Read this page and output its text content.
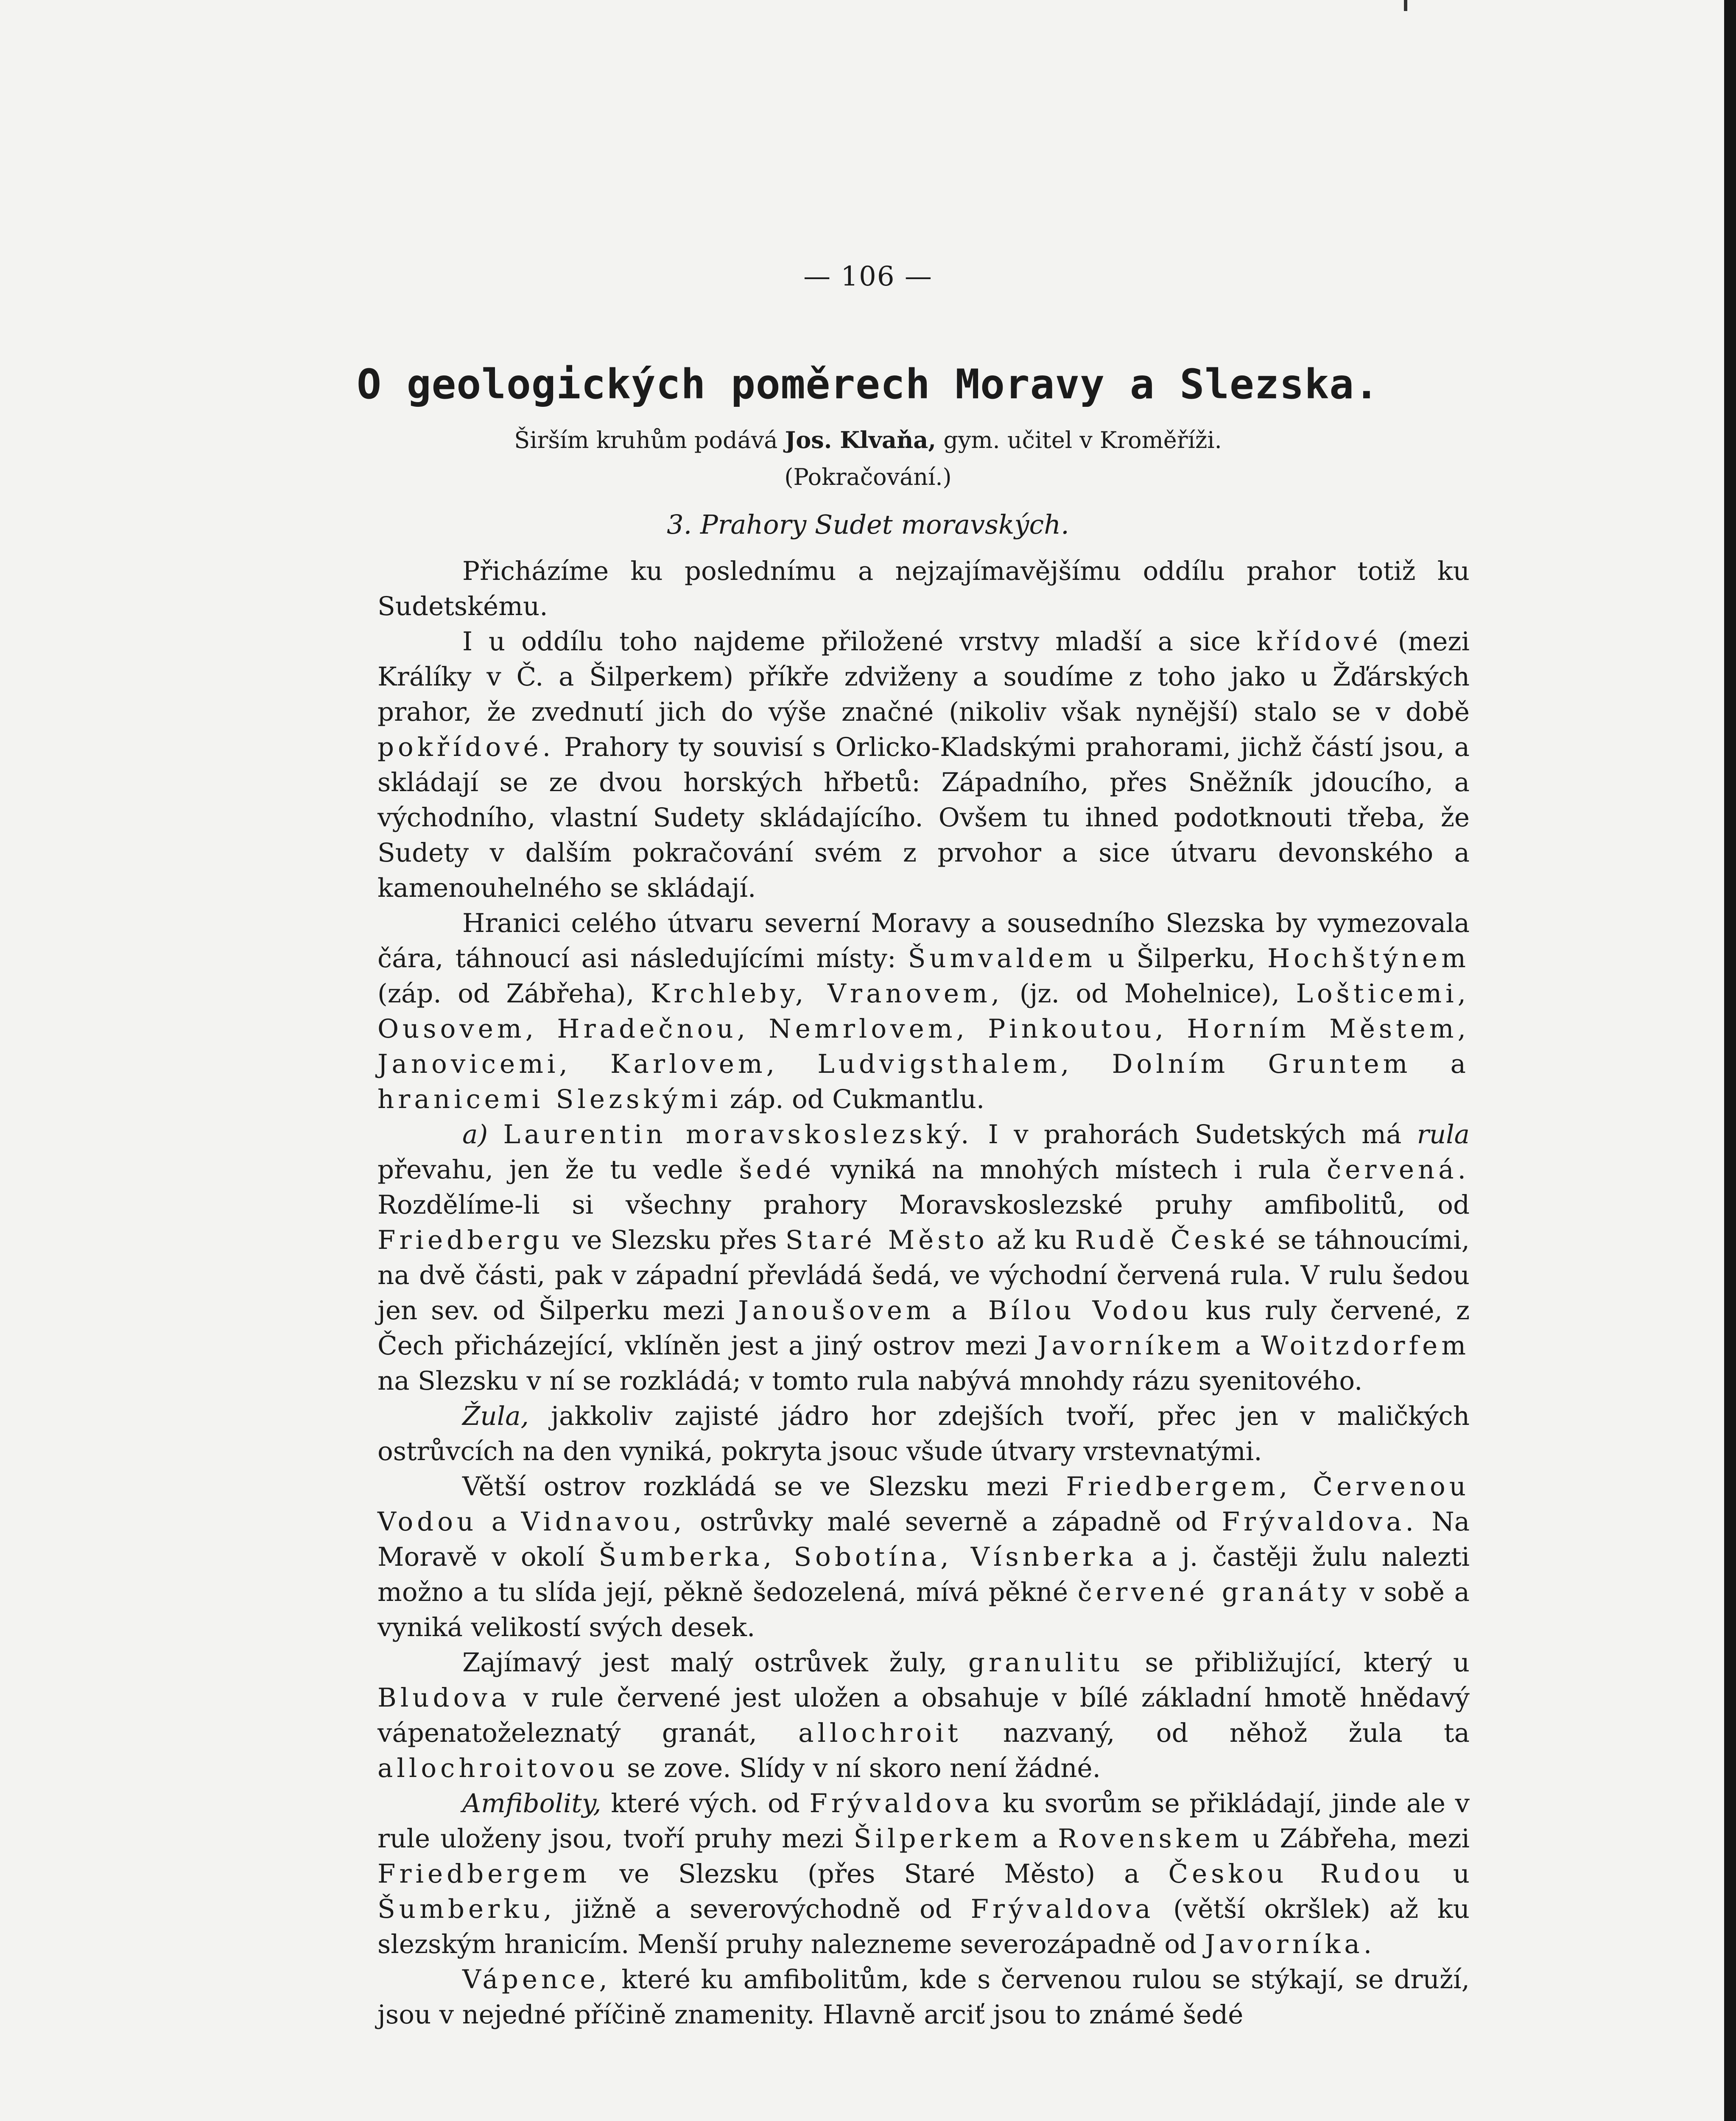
— 106 —
O geologických poměrech Moravy a Slezska.
Širším kruhům podává Jos. Klvaňa, gym. učitel v Kroměříži.
(Pokračování.)
3. Prahory Sudet moravských.

Přicházíme ku poslednímu a nejzajímavějšímu oddílu prahor totiž ku Sudetskému.

I u oddílu toho najdeme přiložené vrstvy mladší a sice křídové (mezi Králíky v Č. a Šilperkem) příkře zdviženy a soudíme z toho jako u Žďárských prahor, že zvednutí jich do výše značné (nikoliv však nynější) stalo se v době pokřídové. Prahory ty souvisí s Orlicko-Kladskými prahorami, jichž částí jsou, a skládají se ze dvou horských hřbetů: Západního, přes Sněžník jdoucího, a východního, vlastní Sudety skládajícího. Ovšem tu ihned podotknouti třeba, že Sudety v dalším pokračování svém z prvohor a sice útvaru devonského a kamenouhelného se skládají.

Hranici celého útvaru severní Moravy a sousedního Slezska by vymezovala čára, táhnoucí asi následujícími místy: Šumvaldem u Šilperku, Hochštýnem (záp. od Zábřeha), Krchleby, Vranovem, (jz. od Mohelnice), Lošticemi, Ousovem, Hradečnou, Nemrlovem, Pinkoutou, Horním Městem, Janovicemi, Karlovem, Ludvigsthalem, Dolním Gruntem a hranicemi Slezskými záp. od Cukmantlu.

a) Laurentin moravskoslezský. I v prahorách Sudetských má rula převahu, jen že tu vedle šedé vyniká na mnohých místech i rula červená. Rozdělíme-li si všechny prahory Moravskoslezské pruhy amfibolitů, od Friedbergu ve Slezsku přes Staré Město až ku Rudě České se táhnoucími, na dvě části, pak v západní převládá šedá, ve východní červená rula. V rulu šedou jen sev. od Šilperku mezi Janoušovem a Bílou Vodou kus ruly červené, z Čech přicházející, vklíněn jest a jiný ostrov mezi Javorníkem a Woitzdorfem na Slezsku v ní se rozkládá; v tomto rula nabývá mnohdy rázu syenitového.

Žula, jakkoliv zajisté jádro hor zdejších tvoří, přec jen v maličkých ostrůvcích na den vyniká, pokryta jsouc všude útvary vrstevnatými.

Větší ostrov rozkládá se ve Slezsku mezi Friedbergem, Červenou Vodou a Vidnavou, ostrůvky malé severně a západně od Frývaldova. Na Moravě v okolí Šumberka, Sobotína, Vísnberka a j. častěji žulu nalezti možno a tu slída její, pěkně šedozelená, mívá pěkné červené granáty v sobě a vyniká velikostí svých desek.

Zajímavý jest malý ostrůvek žuly, granulitu se přibližující, který u Bludova v rule červené jest uložen a obsahuje v bílé základní hmotě hnědavý vápenatoželeznatý granát, allochroit nazvaný, od něhož žula ta allochroitovou se zove. Slídy v ní skoro není žádné.

Amfibolity, které vých. od Frývaldova ku svorům se přikládají, jinde ale v rule uloženy jsou, tvoří pruhy mezi Šilperkem a Rovenskem u Zábřeha, mezi Friedbergem ve Slezsku (přes Staré Město) a Českou Rudou u Šumberku, jižně a severovýchodně od Frývaldova (větší okršlek) až ku slezským hranicím. Menší pruhy nalezneme severozápadně od Javorníka.

Vápence, které ku amfibolitům, kde s červenou rulou se stýkají, se druží, jsou v nejedné příčině znamenity. Hlavně arciť jsou to známé šedé
